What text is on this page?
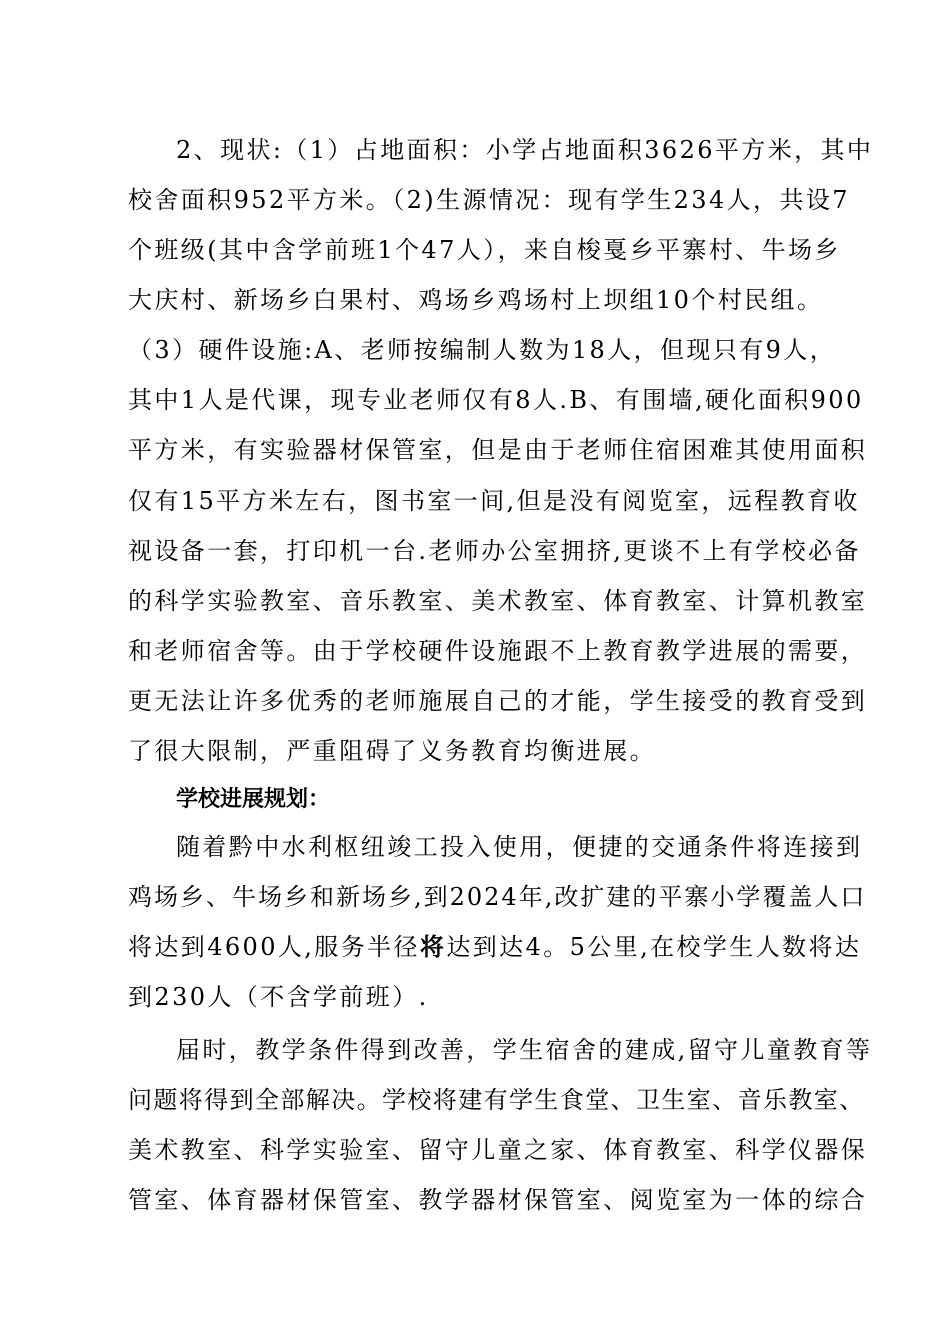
2、现状:（1）占地面积：小学占地面积3626平方米，其中
校舍面积952平方米。（2)生源情况：现有学生234人，共设7
个班级(其中含学前班1个47人），来自梭戛乡平寨村、牛场乡
大庆村、新场乡白果村、鸡场乡鸡场村上坝组10个村民组。
（3）硬件设施:A、老师按编制人数为18人，但现只有9人，
其中1人是代课，现专业老师仅有8人.B、有围墙,硬化面积900
平方米，有实验器材保管室，但是由于老师住宿困难其使用面积
仅有15平方米左右，图书室一间,但是没有阅览室，远程教育收
视设备一套，打印机一台.老师办公室拥挤,更谈不上有学校必备
的科学实验教室、音乐教室、美术教室、体育教室、计算机教室
和老师宿舍等。由于学校硬件设施跟不上教育教学进展的需要，
更无法让许多优秀的老师施展自己的才能，学生接受的教育受到
了很大限制，严重阻碍了义务教育均衡进展。
学校进展规划：
随着黔中水利枢纽竣工投入使用，便捷的交通条件将连接到
鸡场乡、牛场乡和新场乡,到2024年,改扩建的平寨小学覆盖人口
将达到4600人,服务半径将达到达4。5公里,在校学生人数将达
到230人（不含学前班）.
届时，教学条件得到改善，学生宿舍的建成,留守儿童教育等
问题将得到全部解决。学校将建有学生食堂、卫生室、音乐教室、
美术教室、科学实验室、留守儿童之家、体育教室、科学仪器保
管室、体育器材保管室、教学器材保管室、阅览室为一体的综合
